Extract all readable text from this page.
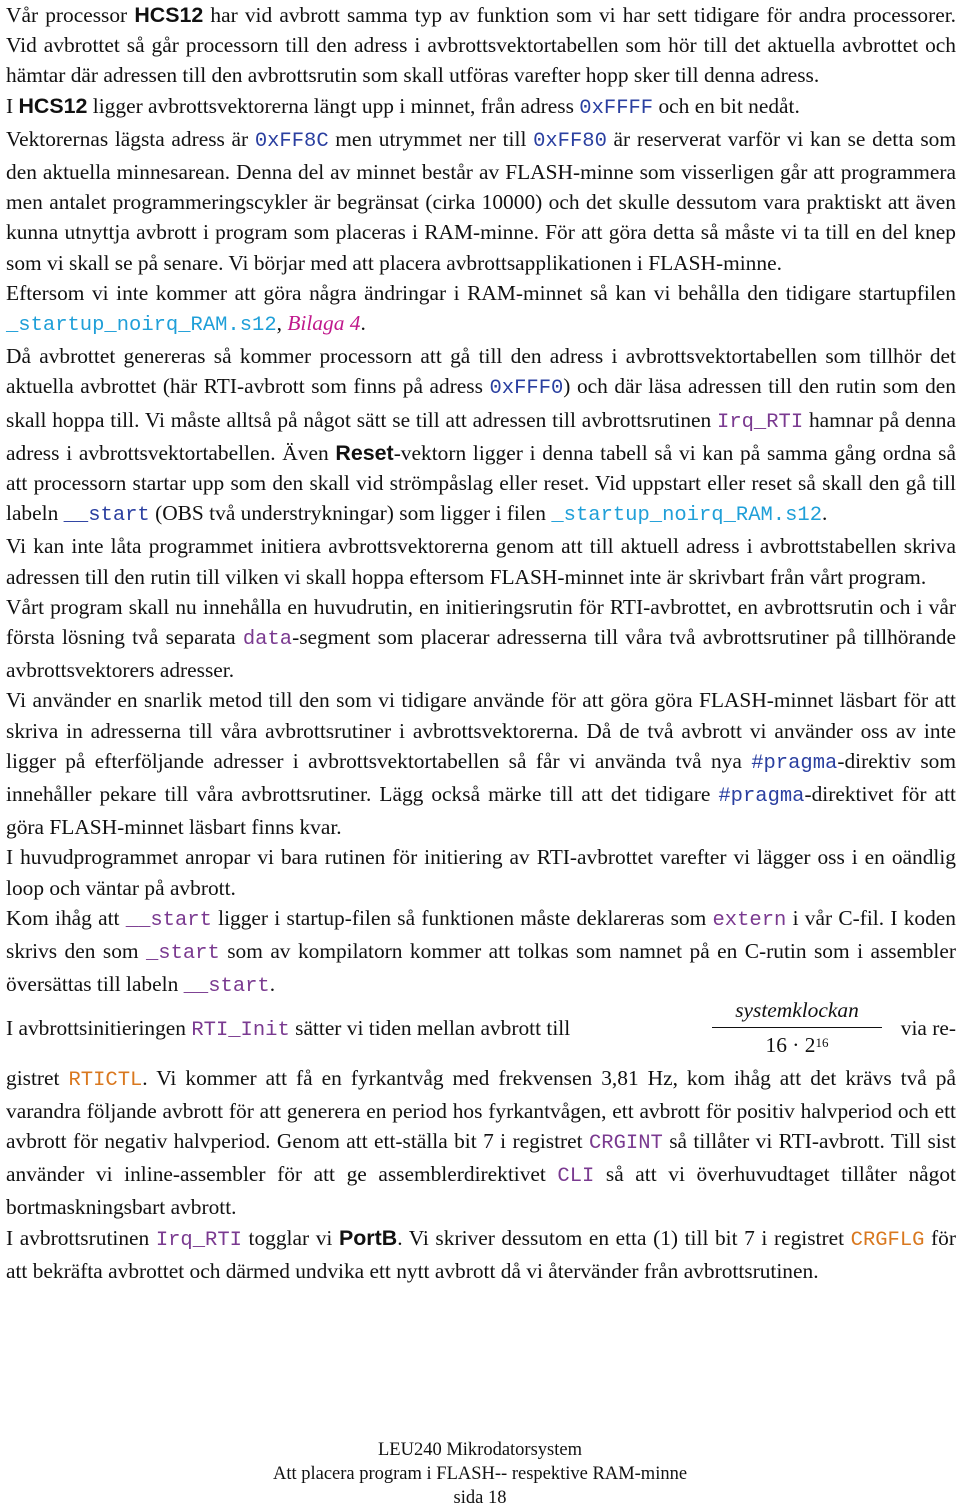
Vår processor HCS12 har vid avbrott samma typ av funktion som vi har sett tidigare för andra processorer. Vid avbrottet så går processorn till den adress i avbrottsvektortabellen som hör till det aktuella avbrottet och hämtar där adressen till den avbrottsrutin som skall utföras varefter hopp sker till denna adress.

I HCS12 ligger avbrottsvektorerna längt upp i minnet, från adress 0xFFFF och en bit nedåt.

Vektorernas lägsta adress är 0xFF8C men utrymmet ner till 0xFF80 är reserverat varför vi kan se detta som den aktuella minnesarean. Denna del av minnet består av FLASH-minne som visserligen går att programmera men antalet programmeringscykler är begränsat (cirka 10000) och det skulle dessutom vara praktiskt att även kunna utnyttja avbrott i program som placeras i RAM-minne. För att göra detta så måste vi ta till en del knep som vi skall se på senare. Vi börjar med att placera avbrottsapplikationen i FLASH-minne.

Eftersom vi inte kommer att göra några ändringar i RAM-minnet så kan vi behålla den tidigare startupfilen _startup_noirq_RAM.s12, Bilaga 4.

Då avbrottet genereras så kommer processorn att gå till den adress i avbrottsvektortabellen som tillhör det aktuella avbrottet (här RTI-avbrott som finns på adress 0xFFF0) och där läsa adressen till den rutin som den skall hoppa till. Vi måste alltså på något sätt se till att adressen till avbrottsrutinen Irq_RTI hamnar på denna adress i avbrottsvektortabellen. Även Reset-vektorn ligger i denna tabell så vi kan på samma gång ordna så att processorn startar upp som den skall vid strömpåslag eller reset. Vid uppstart eller reset så skall den gå till labeln __start (OBS två understrykningar) som ligger i filen _startup_noirq_RAM.s12.

Vi kan inte låta programmet initiera avbrottsvektorerna genom att till aktuell adress i avbrottstabellen skriva adressen till den rutin till vilken vi skall hoppa eftersom FLASH-minnet inte är skrivbart från vårt program.

Vårt program skall nu innehålla en huvudrutin, en initieringsrutin för RTI-avbrottet, en avbrottsrutin och i vår första lösning två separata data-segment som placerar adresserna till våra två avbrottsrutiner på tillhörande avbrottsvektorers adresser.

Vi använder en snarlik metod till den som vi tidigare använde för att göra göra FLASH-minnet läsbart för att skriva in adresserna till våra avbrottsrutiner i avbrottsvektorerna. Då de två avbrott vi använder oss av inte ligger på efterföljande adresser i avbrottsvektortabellen så får vi använda två nya #pragma-direktiv som innehåller pekare till våra avbrottsrutiner. Lägg också märke till att det tidigare #pragma-direktivet för att göra FLASH-minnet läsbart finns kvar.

I huvudprogrammet anropar vi bara rutinen för initiering av RTI-avbrottet varefter vi lägger oss i en oändlig loop och väntar på avbrott.

Kom ihåg att __start ligger i startup-filen så funktionen måste deklareras som extern i vår C-fil. I koden skrivs den som _start som av kompilatorn kommer att tolkas som namnet på en C-rutin som i assembler översättas till labeln __start.

I avbrottsinitieringen RTI_Init sätter vi tiden mellan avbrott till
systemklockan
$16 \cdot 2^{16}$
via re-

gistret RTICTL. Vi kommer att få en fyrkantvåg med frekvensen 3,81 Hz, kom ihåg att det krävs två på varandra följande avbrott för att generera en period hos fyrkantvågen, ett avbrott för positiv halvperiod och ett avbrott för negativ halvperiod. Genom att ett-ställa bit 7 i registret CRGINT så tillåter vi RTI-avbrott. Till sist använder vi inline-assembler för att ge assemblerdirektivet CLI så att vi överhuvudtaget tillåter något bortmaskningsbart avbrott.

I avbrottsrutinen Irq_RTI togglar vi PortB. Vi skriver dessutom en etta (1) till bit 7 i registret CRGFLG för att bekräfta avbrottet och därmed undvika ett nytt avbrott då vi återvänder från avbrottsrutinen.

LEU240 Mikrodatorsystem
Att placera program i FLASH-- respektive RAM-minne
sida 18
